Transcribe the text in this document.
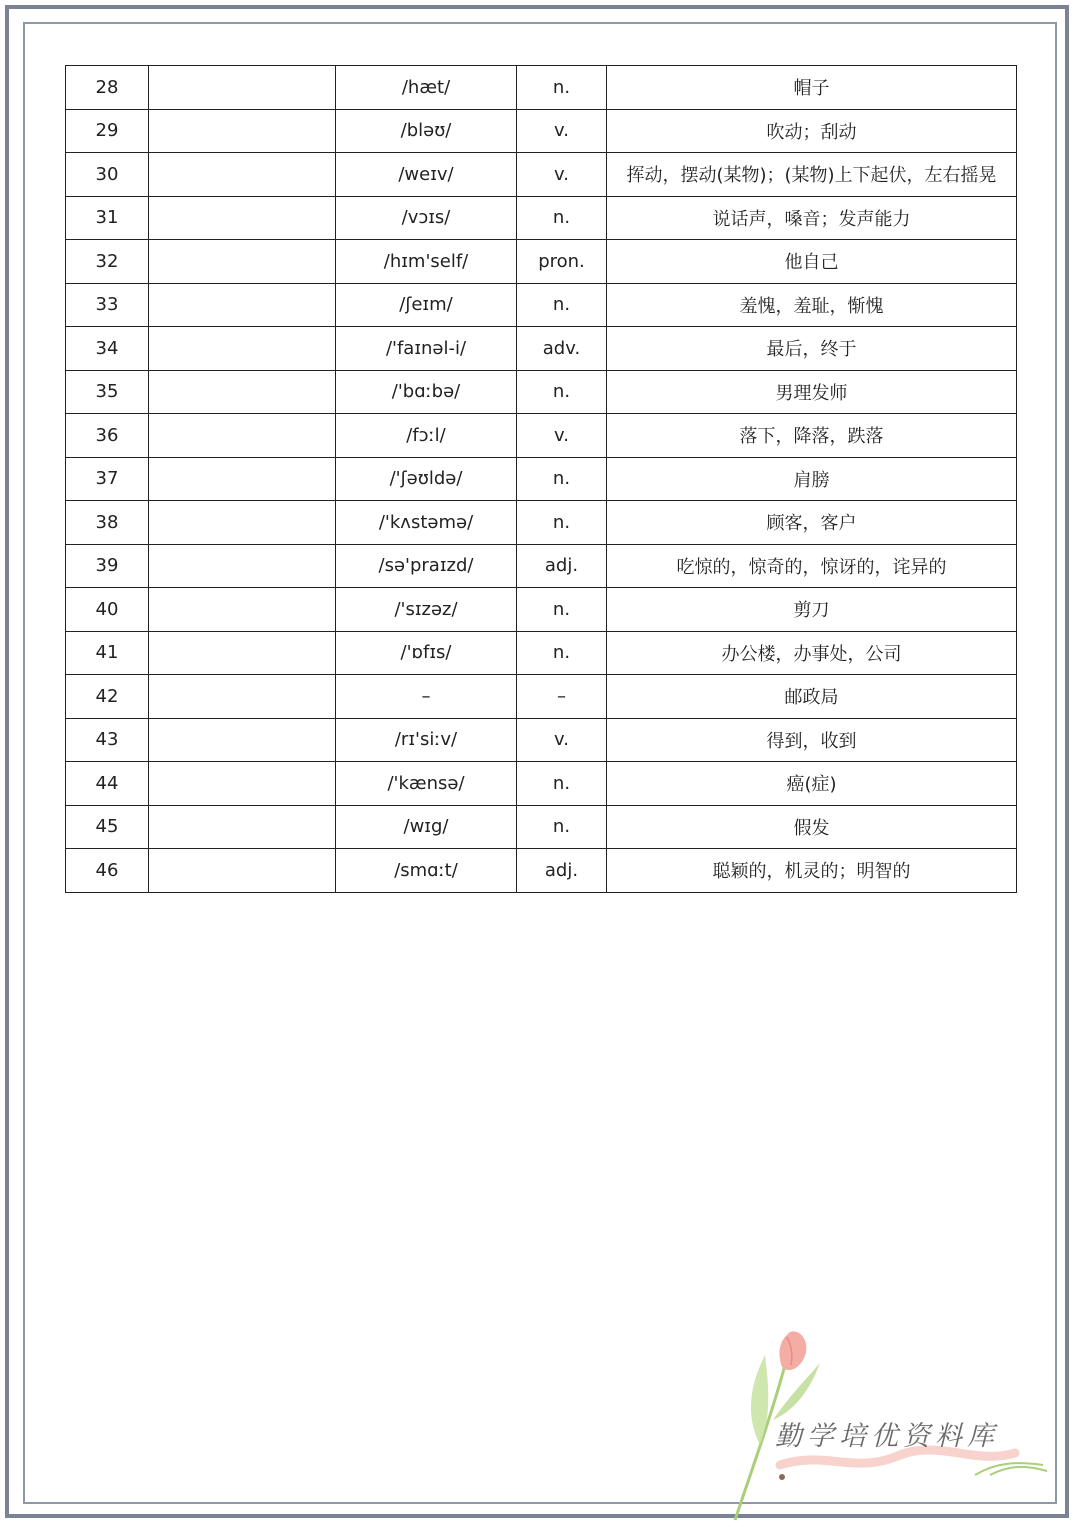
28		/hæt/	n.	帽子
29		/bləʊ/	v.	吹动；刮动
30		/weɪv/	v.	挥动，摆动(某物)；(某物)上下起伏，左右摇晃
31		/vɔɪs/	n.	说话声，嗓音；发声能力
32		/hɪm'self/	pron.	他自己
33		/ʃeɪm/	n.	羞愧，羞耻，惭愧
34		/'faɪnəl-i/	adv.	最后，终于
35		/'bɑːbə/	n.	男理发师
36		/fɔːl/	v.	落下，降落，跌落
37		/'ʃəʊldə/	n.	肩膀
38		/'kʌstəmə/	n.	顾客，客户
39		/sə'praɪzd/	adj.	吃惊的，惊奇的，惊讶的，诧异的
40		/'sɪzəz/	n.	剪刀
41		/'ɒfɪs/	n.	办公楼，办事处，公司
42		–	–	邮政局
43		/rɪ'siːv/	v.	得到，收到
44		/'kænsə/	n.	癌(症)
45		/wɪg/	n.	假发
46		/smɑːt/	adj.	聪颖的，机灵的；明智的
勤学培优资料库
